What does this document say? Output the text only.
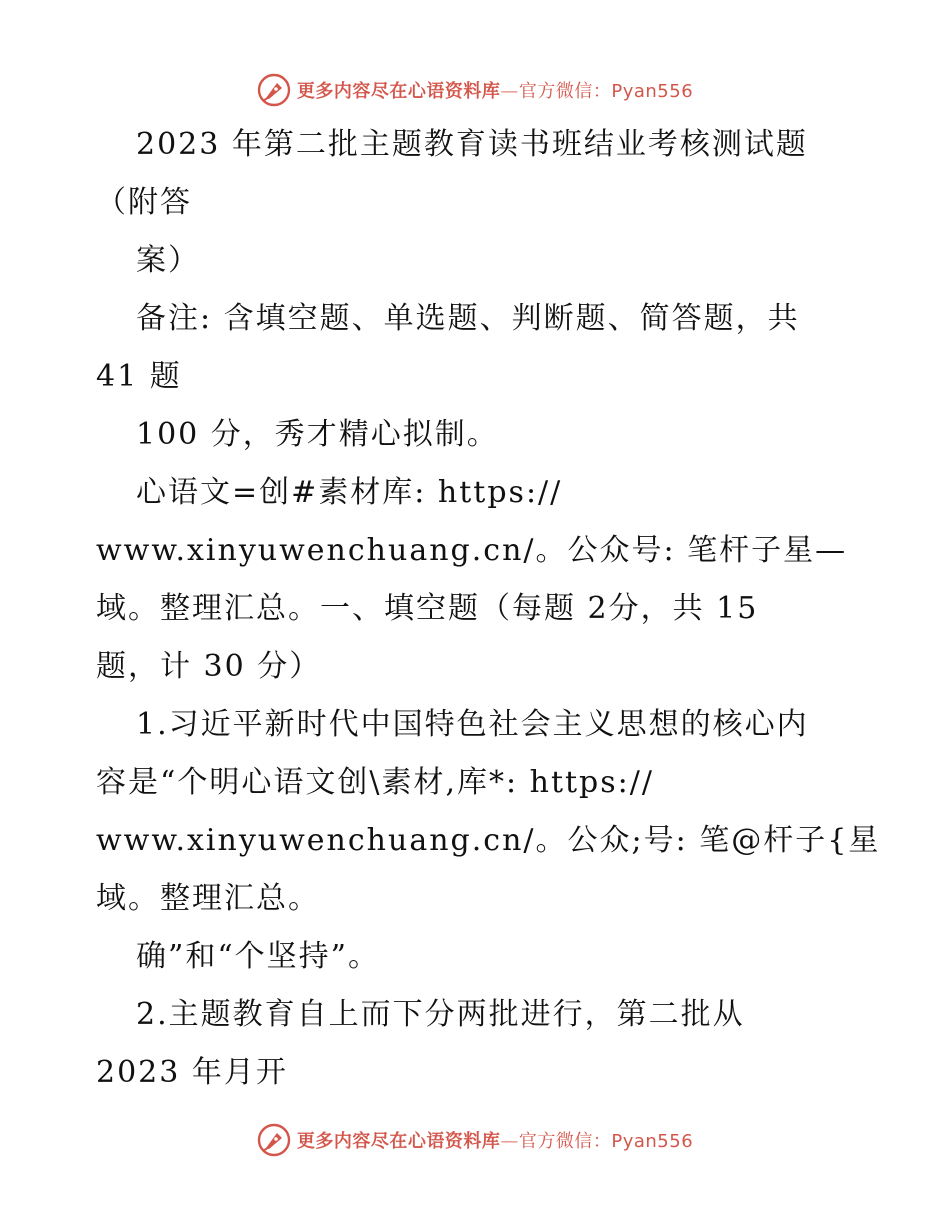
更多内容尽在心语资料库—官方微信：Pyan556
2023 年第二批主题教育读书班结业考核测试题
（附答
案）
备注: 含填空题、单选题、判断题、简答题，共
41 题
100 分，秀才精心拟制。
心语文=创#素材库: https://
www.xinyuwenchuang.cn/。公众号: 笔杆子星—
域。整理汇总。一、填空题（每题 2分，共 15
题，计 30 分）
1.习近平新时代中国特色社会主义思想的核心内
容是“个明心语文创\素材,库*: https://
www.xinyuwenchuang.cn/。公众;号: 笔@杆子{星
域。整理汇总。
确”和“个坚持”。
2.主题教育自上而下分两批进行，第二批从
2023 年月开
更多内容尽在心语资料库—官方微信：Pyan556
